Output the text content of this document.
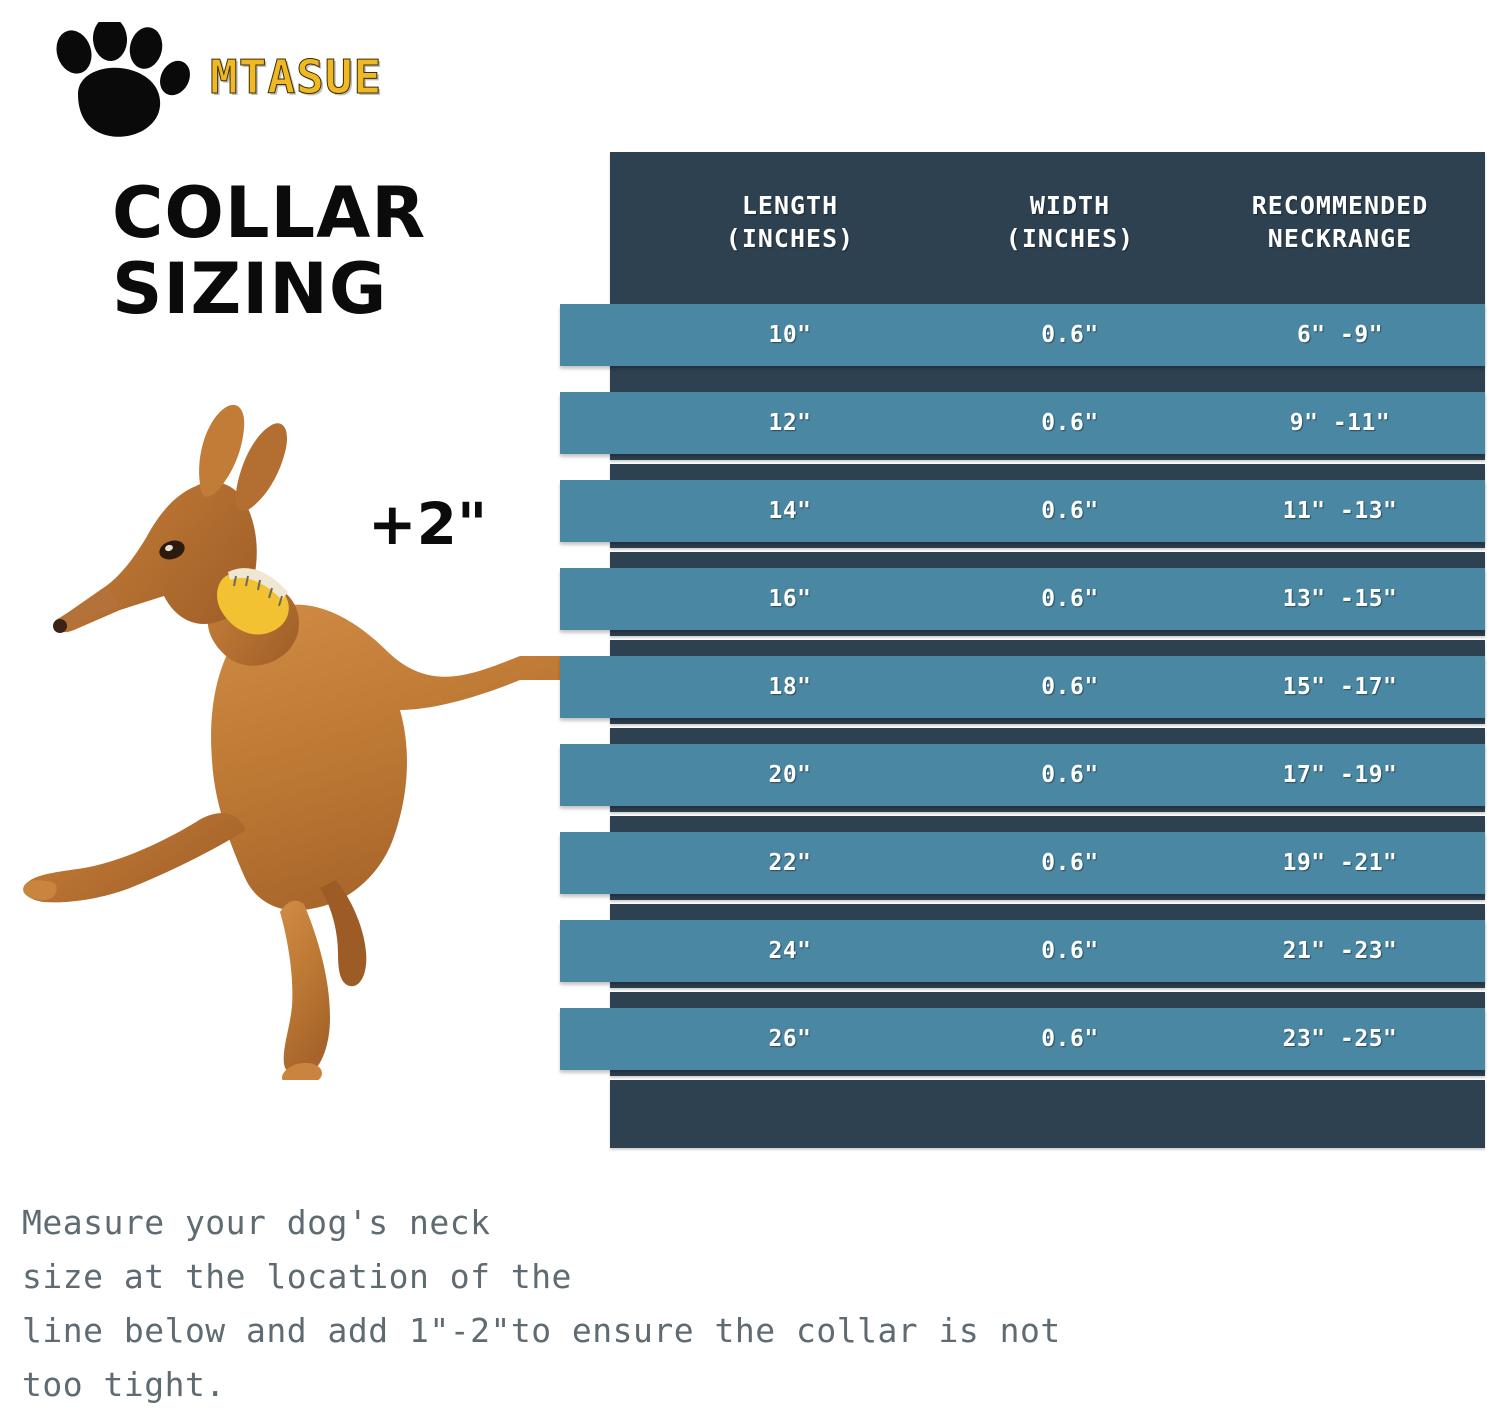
MTASUE
COLLAR
SIZING
+2"
LENGTH
(INCHES)
WIDTH
(INCHES)
RECOMMENDED
NECKRANGE
10"	0.6"	6" -9"
12"	0.6"	9" -11"
14"	0.6"	11" -13"
16"	0.6"	13" -15"
18"	0.6"	15" -17"
20"	0.6"	17" -19"
22"	0.6"	19" -21"
24"	0.6"	21" -23"
26"	0.6"	23" -25"
Measure your dog's neck
size at the location of the
line below and add 1"-2"to ensure the collar is not
too tight.
